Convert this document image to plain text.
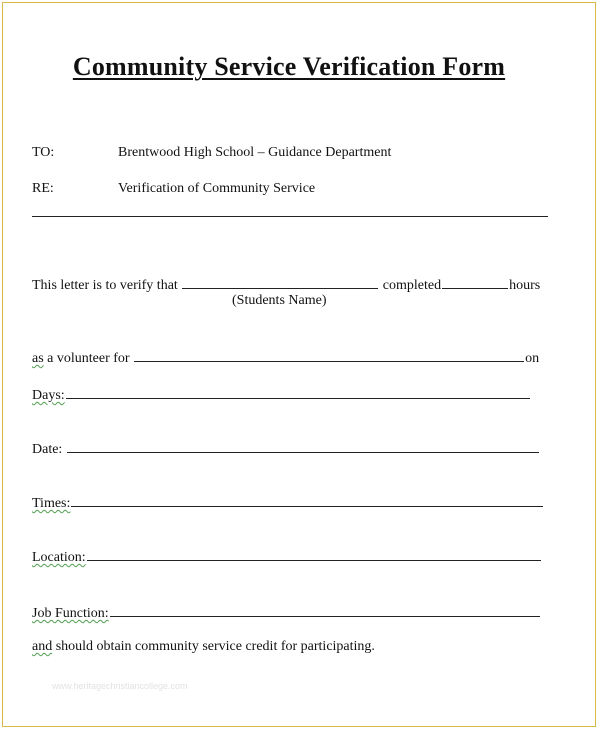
Community Service Verification Form
TO:	Brentwood High School – Guidance Department
RE:	Verification of Community Service
This letter is to verify that	completed	hours
(Students Name)
as a volunteer for	on
Days:
Date:
Times:
Location:
Job Function:
and should obtain community service credit for participating.
www.heritagechristiancollege.com
